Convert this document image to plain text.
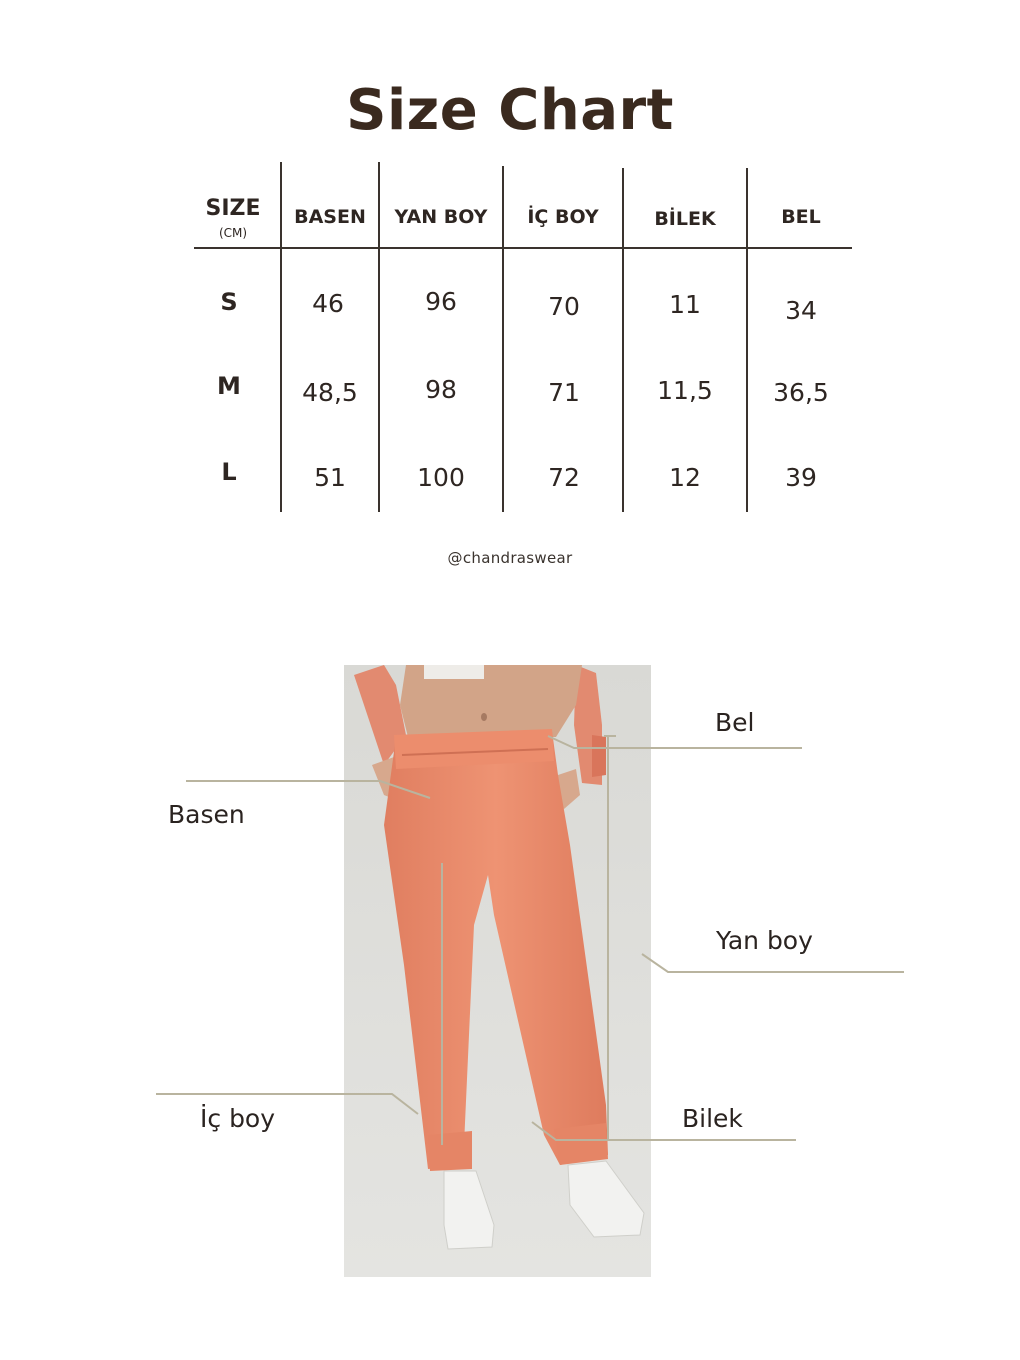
Size Chart
SIZE
(CM)
BASEN	YAN BOY	İÇ BOY	BİLEK	BEL
S	46	96	70	11	34
M	48,5	98	71	11,5	36,5
L	51	100	72	12	39
@chandraswear
Bel
Basen
Yan boy
İç boy	Bilek
